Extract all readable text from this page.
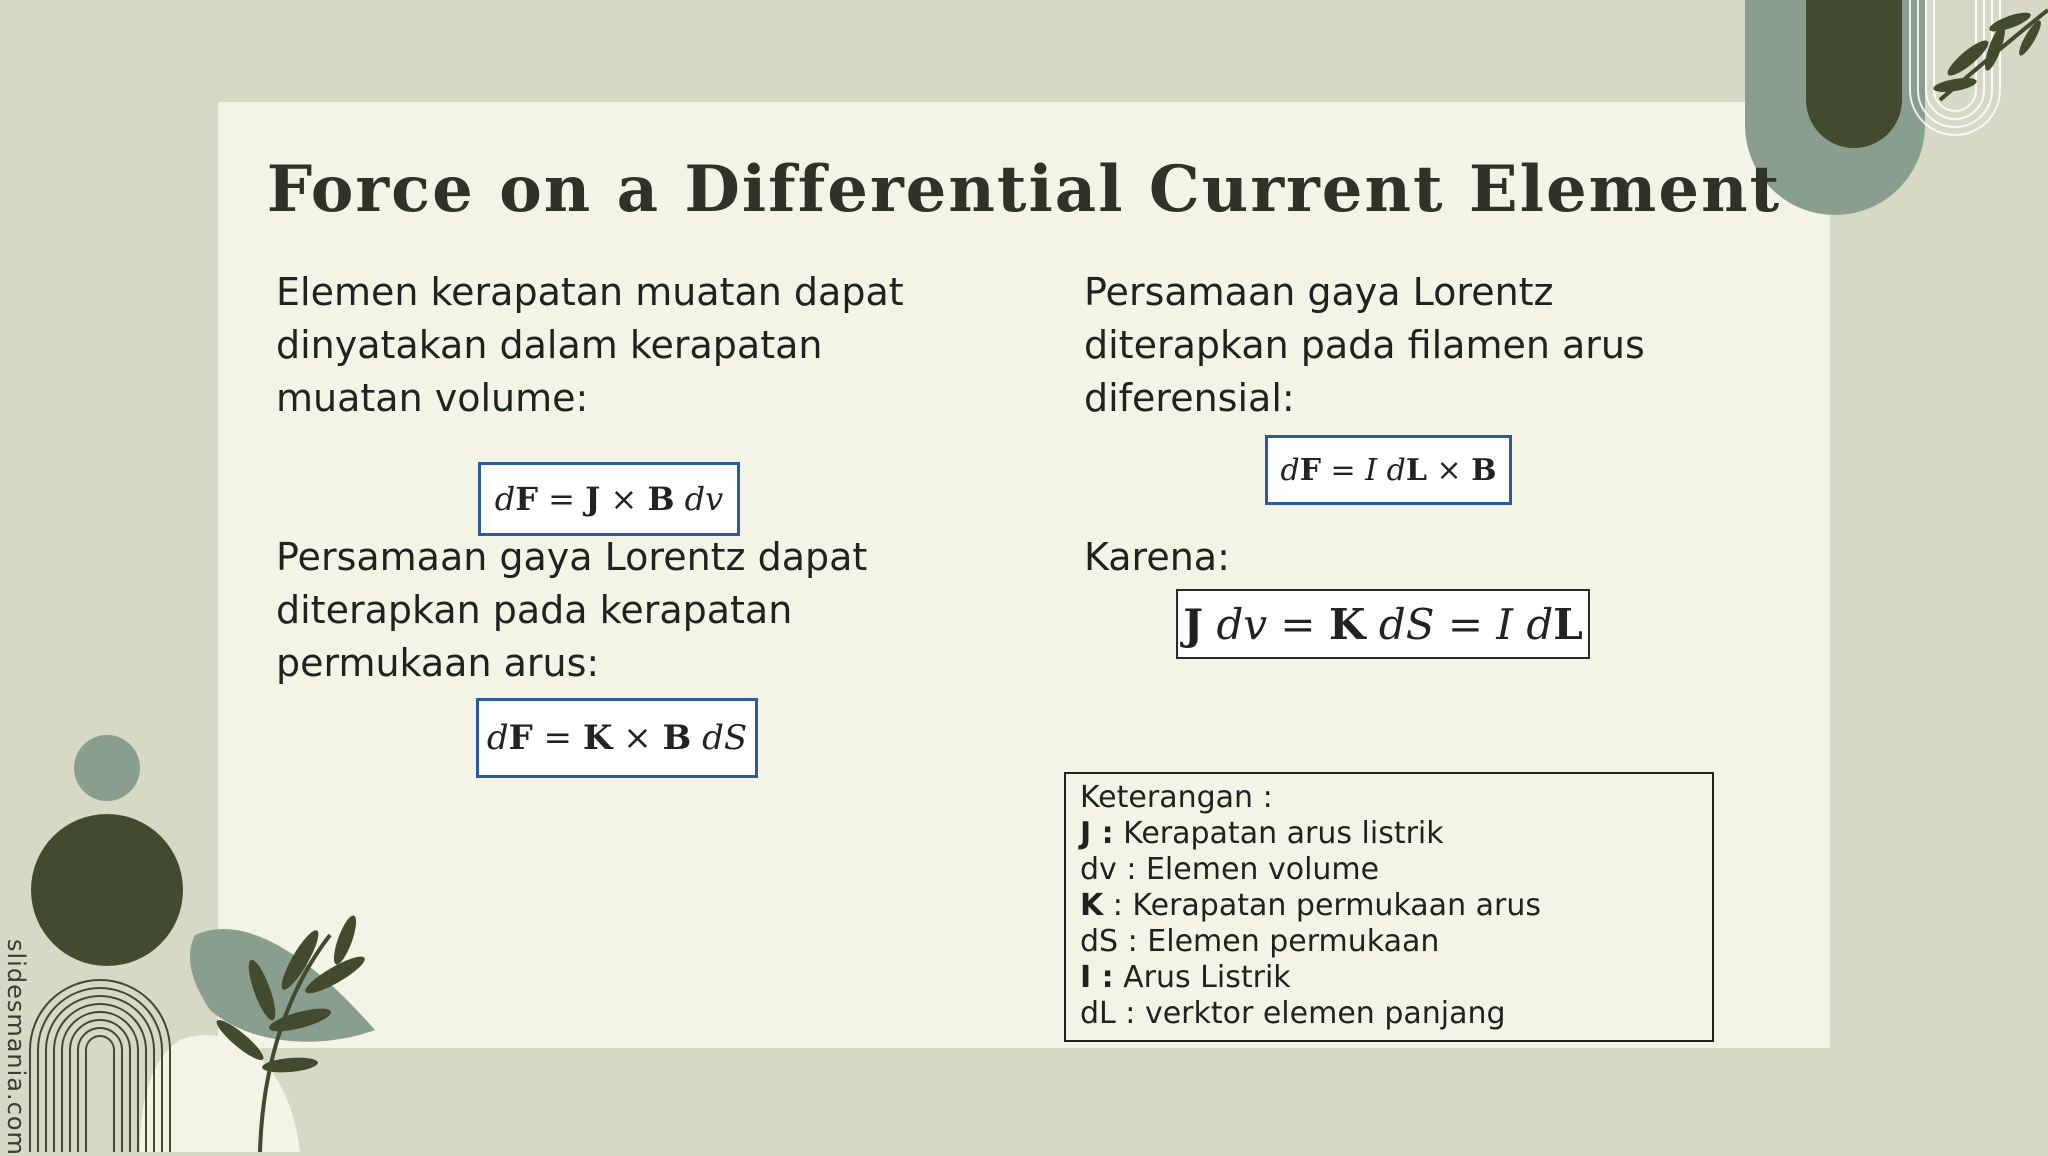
Force on a Differential Current Element

Elemen kerapatan muatan dapat
dinyatakan dalam kerapatan
muatan volume:

d F = J × B dv

Persamaan gaya Lorentz dapat
diterapkan pada kerapatan
permukaan arus:

d F = K × B dS

Persamaan gaya Lorentz
diterapkan pada filamen arus
diferensial:

d F = I d L × B

Karena:

J dv = K dS = I d L
Keterangan :
J : Kerapatan arus listrik
dv : Elemen volume
K : Kerapatan permukaan arus
dS : Elemen permukaan
I : Arus Listrik
dL : verktor elemen panjang
slidesmania.com
